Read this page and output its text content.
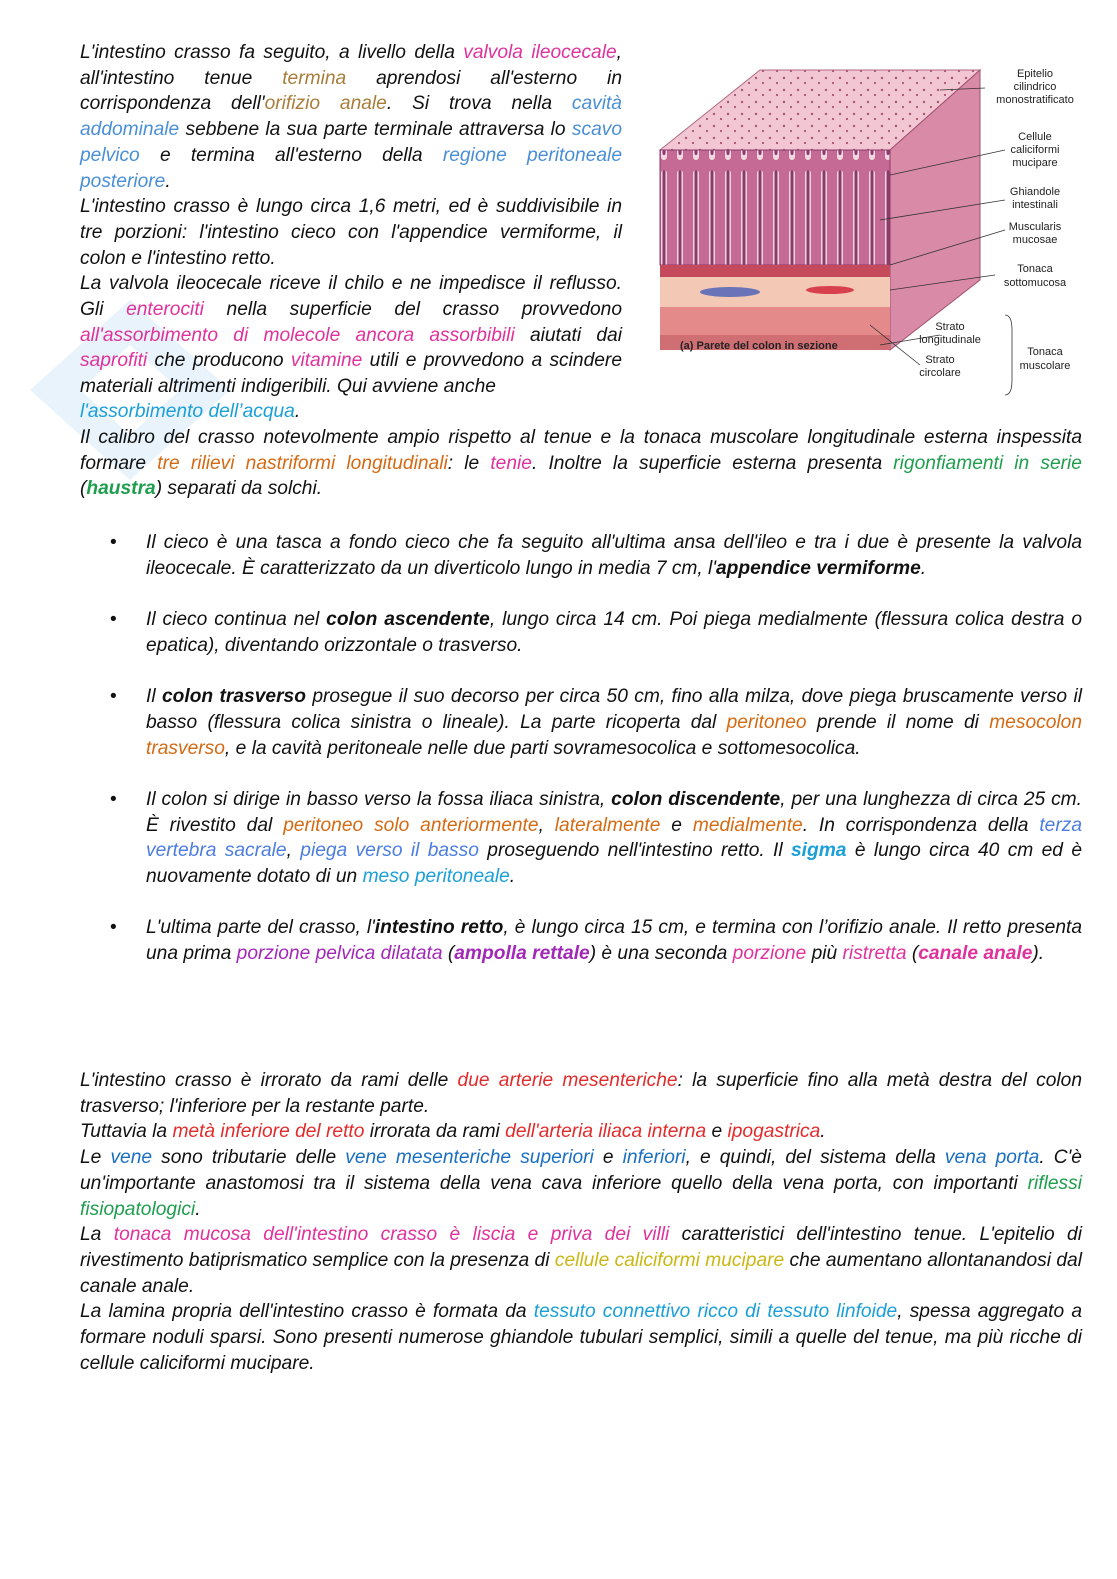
L'intestino crasso fa seguito, a livello della valvola ileocecale, all'intestino tenue termina aprendosi all'esterno in corrispondenza dell'orifizio anale. Si trova nella cavità addominale sebbene la sua parte terminale attraversa lo scavo pelvico e termina all'esterno della regione peritoneale posteriore.
L'intestino crasso è lungo circa 1,6 metri, ed è suddivisibile in tre porzioni: l'intestino cieco con l'appendice vermiforme, il colon e l'intestino retto.
La valvola ileocecale riceve il chilo e ne impedisce il reflusso. Gli enterociti nella superficie del crasso provvedono all'assorbimento di molecole ancora assorbibili aiutati dai saprofiti che producono vitamine utili e provvedono a scindere materiali altrimenti indigeribili. Qui avviene anche
l'assorbimento dell’acqua.
Epitelio
cilindrico
monostratificato
Cellule
caliciformi
mucipare
Ghiandole
intestinali
Muscularis
mucosae
Tonaca
sottomucosa
Strato
longitudinale
Strato
circolare
Tonaca
muscolare
(a) Parete del colon in sezione
Il calibro del crasso notevolmente ampio rispetto al tenue e la tonaca muscolare longitudinale esterna inspessita formare tre rilievi nastriformi longitudinali: le tenie. Inoltre la superficie esterna presenta rigonfiamenti in serie (haustra) separati da solchi.
• Il cieco è una tasca a fondo cieco che fa seguito all'ultima ansa dell'ileo e tra i due è presente la valvola ileocecale. È caratterizzato da un diverticolo lungo in media 7 cm, l'appendice vermiforme.
• Il cieco continua nel colon ascendente, lungo circa 14 cm. Poi piega medialmente (flessura colica destra o epatica), diventando orizzontale o trasverso.
• Il colon trasverso prosegue il suo decorso per circa 50 cm, fino alla milza, dove piega bruscamente verso il basso (flessura colica sinistra o lineale). La parte ricoperta dal peritoneo prende il nome di mesocolon trasverso, e la cavità peritoneale nelle due parti sovramesocolica e sottomesocolica.
• Il colon si dirige in basso verso la fossa iliaca sinistra, colon discendente, per una lunghezza di circa 25 cm. È rivestito dal peritoneo solo anteriormente, lateralmente e medialmente. In corrispondenza della terza vertebra sacrale, piega verso il basso proseguendo nell'intestino retto. Il sigma è lungo circa 40 cm ed è nuovamente dotato di un meso peritoneale.
• L'ultima parte del crasso, l'intestino retto, è lungo circa 15 cm, e termina con l’orifizio anale. Il retto presenta una prima porzione pelvica dilatata (ampolla rettale) è una seconda porzione più ristretta (canale anale).
L'intestino crasso è irrorato da rami delle due arterie mesenteriche: la superficie fino alla metà destra del colon trasverso; l'inferiore per la restante parte.
Tuttavia la metà inferiore del retto irrorata da rami dell'arteria iliaca interna e ipogastrica.
Le vene sono tributarie delle vene mesenteriche superiori e inferiori, e quindi, del sistema della vena porta. C'è un'importante anastomosi tra il sistema della vena cava inferiore quello della vena porta, con importanti riflessi fisiopatologici.
La tonaca mucosa dell'intestino crasso è liscia e priva dei villi caratteristici dell'intestino tenue. L'epitelio di rivestimento batiprismatico semplice con la presenza di cellule caliciformi mucipare che aumentano allontanandosi dal canale anale.
La lamina propria dell'intestino crasso è formata da tessuto connettivo ricco di tessuto linfoide, spessa aggregato a formare noduli sparsi. Sono presenti numerose ghiandole tubulari semplici, simili a quelle del tenue, ma più ricche di cellule caliciformi mucipare.
